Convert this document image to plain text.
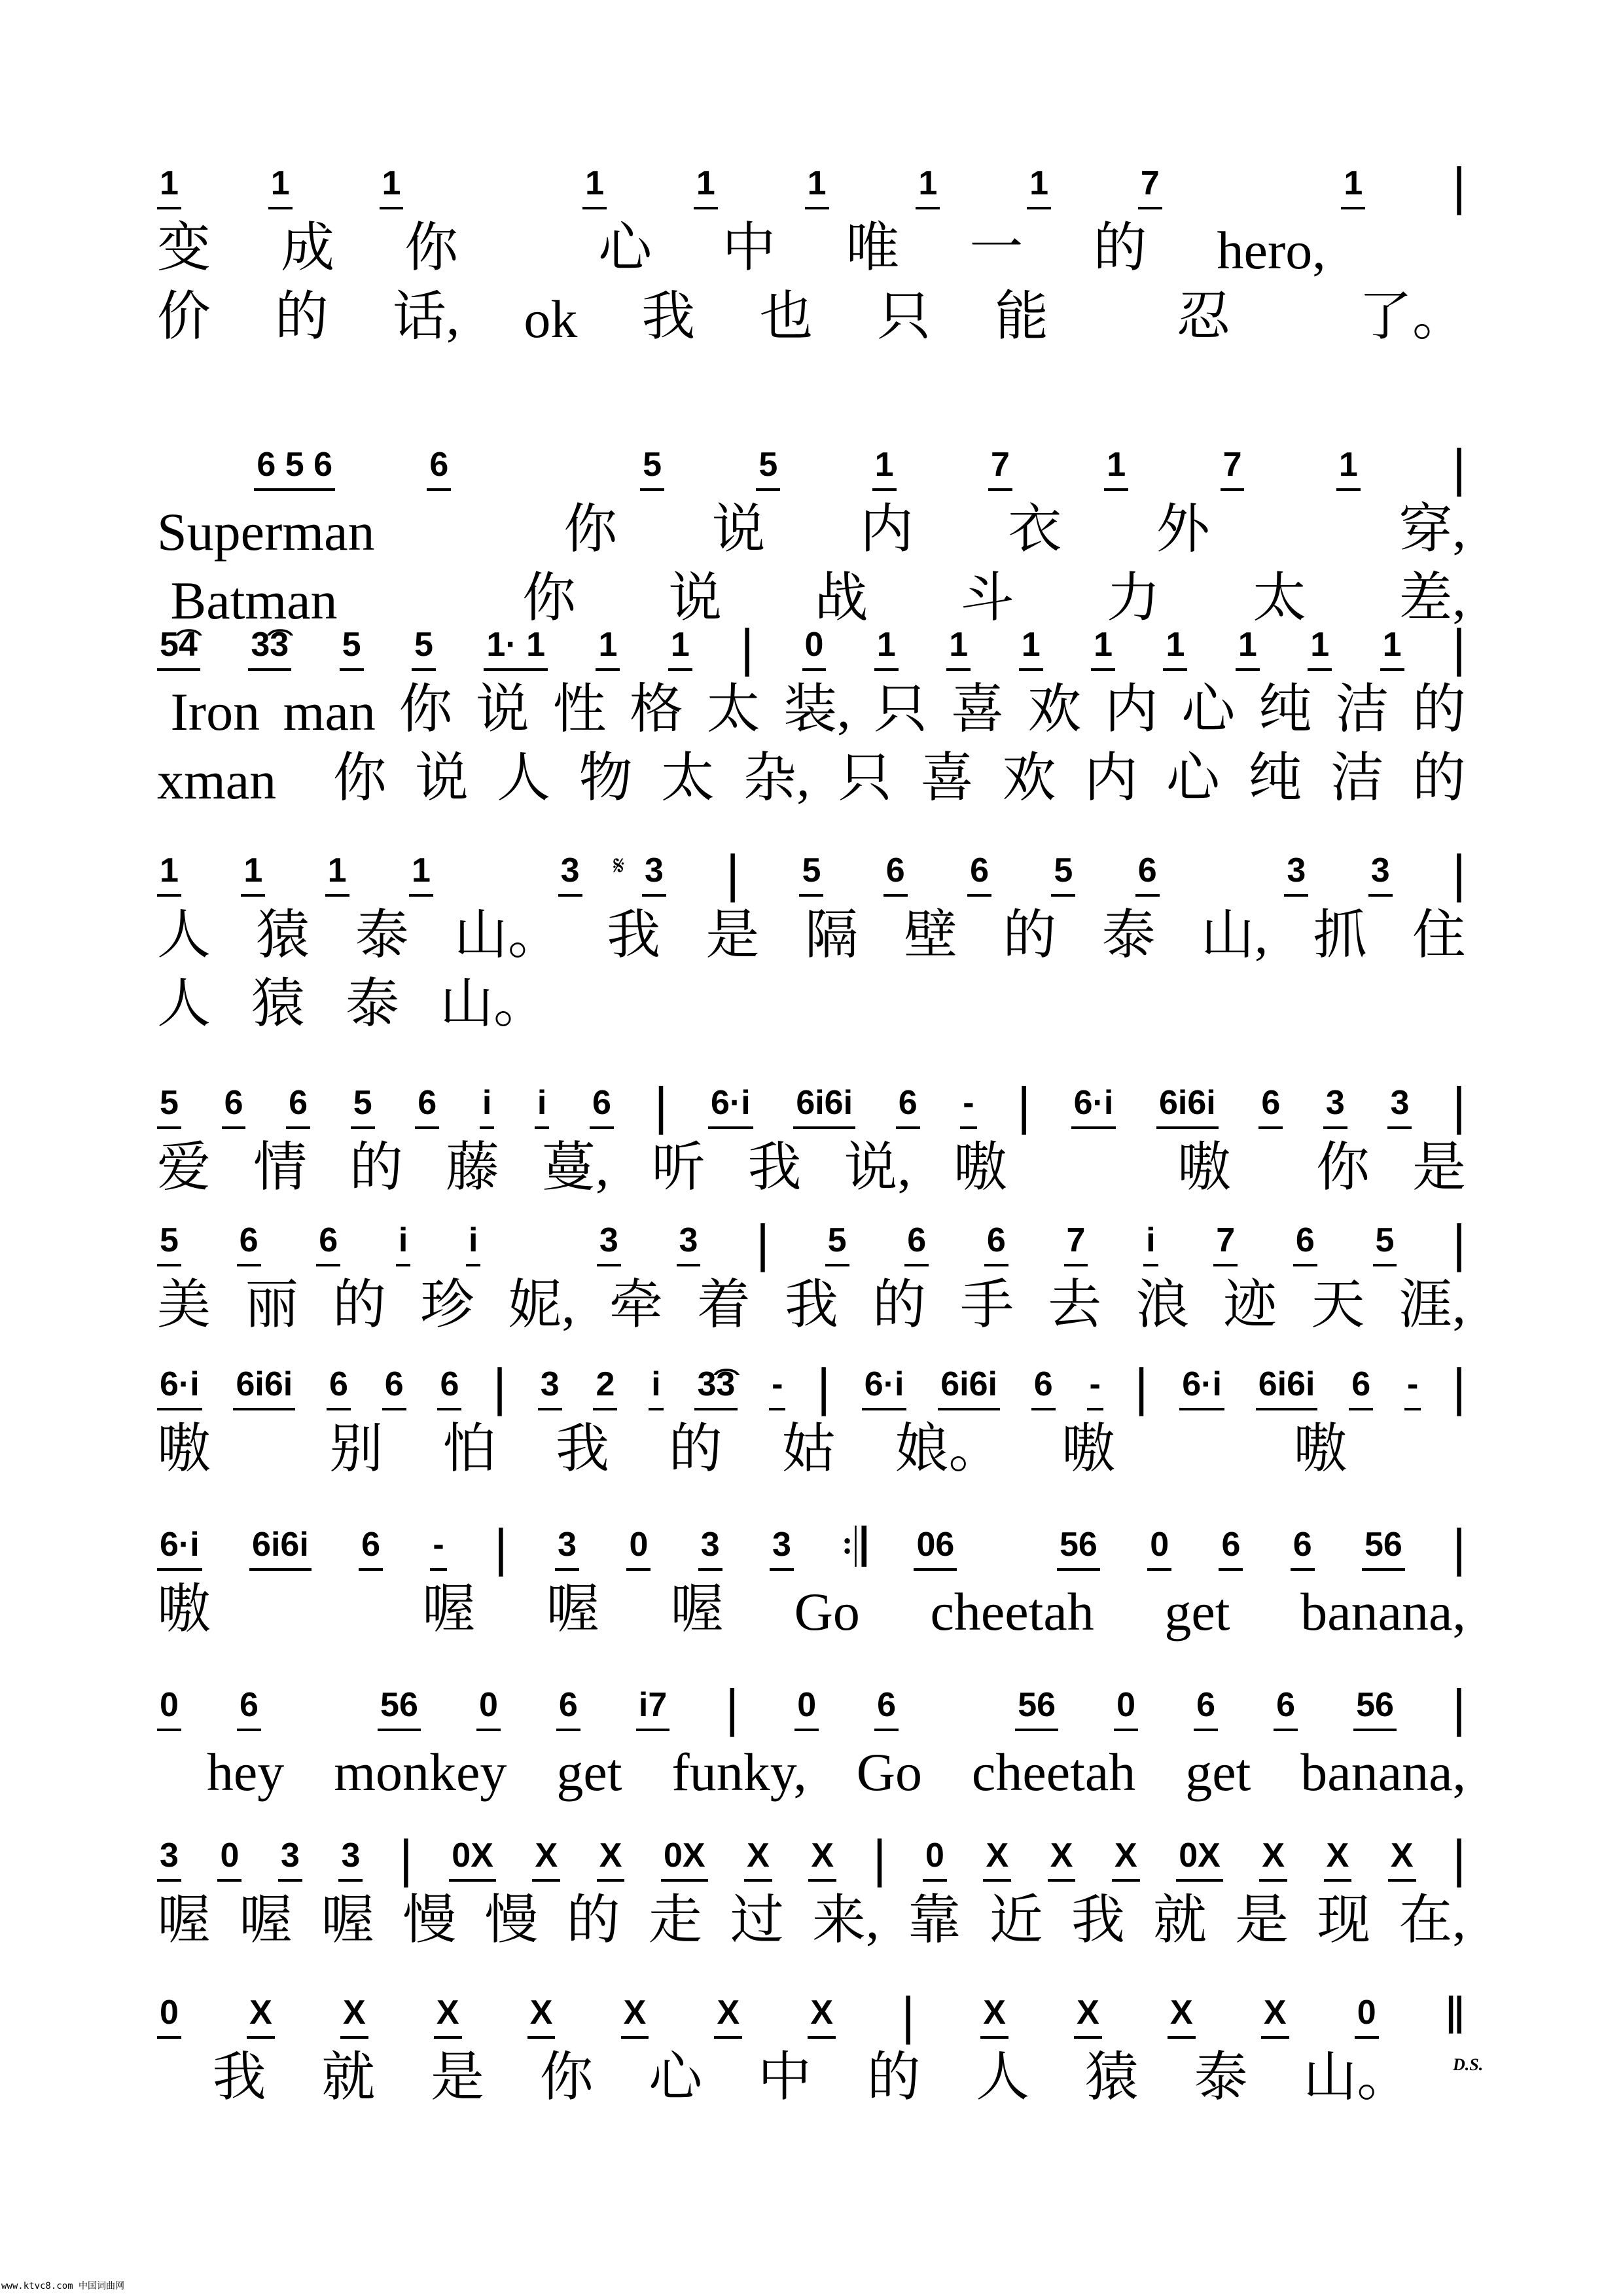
1	1	1	1	1	1	1	1	7	1 |
变 成 你	心 中 唯 一 的 hero,
价 的 话, ok 我 也 只 能 忍 了。
6 5 6	6	5	5	1	7	1	7	1 |
Superman	你 说 内 衣 外	穿,
Batman	你 说 战 斗 力 太 差,
5͡4 3͡3 5 5 1· 1 1 1 | 0 1 1 1 1 1 1 1 1 |
Iron man 你 说 性 格 太 装, 只 喜 欢 内 心 纯 洁 的
xman 你 说 人 物 太 杂, 只 喜 欢 内 心 纯 洁 的
1 1 1 1	3 3 | 5 6 6 5 6	3 3 |
𝄋
人 猿 泰 山。 我 是 隔 壁 的 泰 山, 抓 住
人 猿 泰 山。
5 6 6 5 6 i i 6 | 6·i 6i6i 6 - | 6·i 6i6i 6 3 3 |
爱 情 的 藤 蔓, 听 我 说, 嗷	嗷 你 是
5 6 6 i i	3 3 | 5 6 6 7 i 7 6 5 |
美 丽 的 珍 妮, 牵 着 我 的 手 去 浪 迹 天 涯,
6·i 6i6i 6 6 6 | 3 2 i 3͡3 - | 6·i 6i6i 6 - | 6·i 6i6i 6 - |
嗷 别 怕 我 的 姑 娘。 嗷	嗷
6·i 6i6i 6 - | 3 0 3 3 𝄇 06	56 0 6 6 56 |
嗷	喔 喔 喔 Go cheetah get banana,
0 6	56 0 6 i7 | 0 6	56 0 6 6 56 |
hey monkey get funky, Go cheetah get banana,
3 0 3 3 | 0X X X 0X X X | 0 X X X 0X X X X |
喔 喔 喔 慢 慢 的 走 过 来, 靠 近 我 就 是 现 在,
0 X X X X X X X | X X X X 0 ‖
我 就 是 你 心 中 的 人 猿 泰 山。 D.S.
www.ktvc8.com 中国词曲网
